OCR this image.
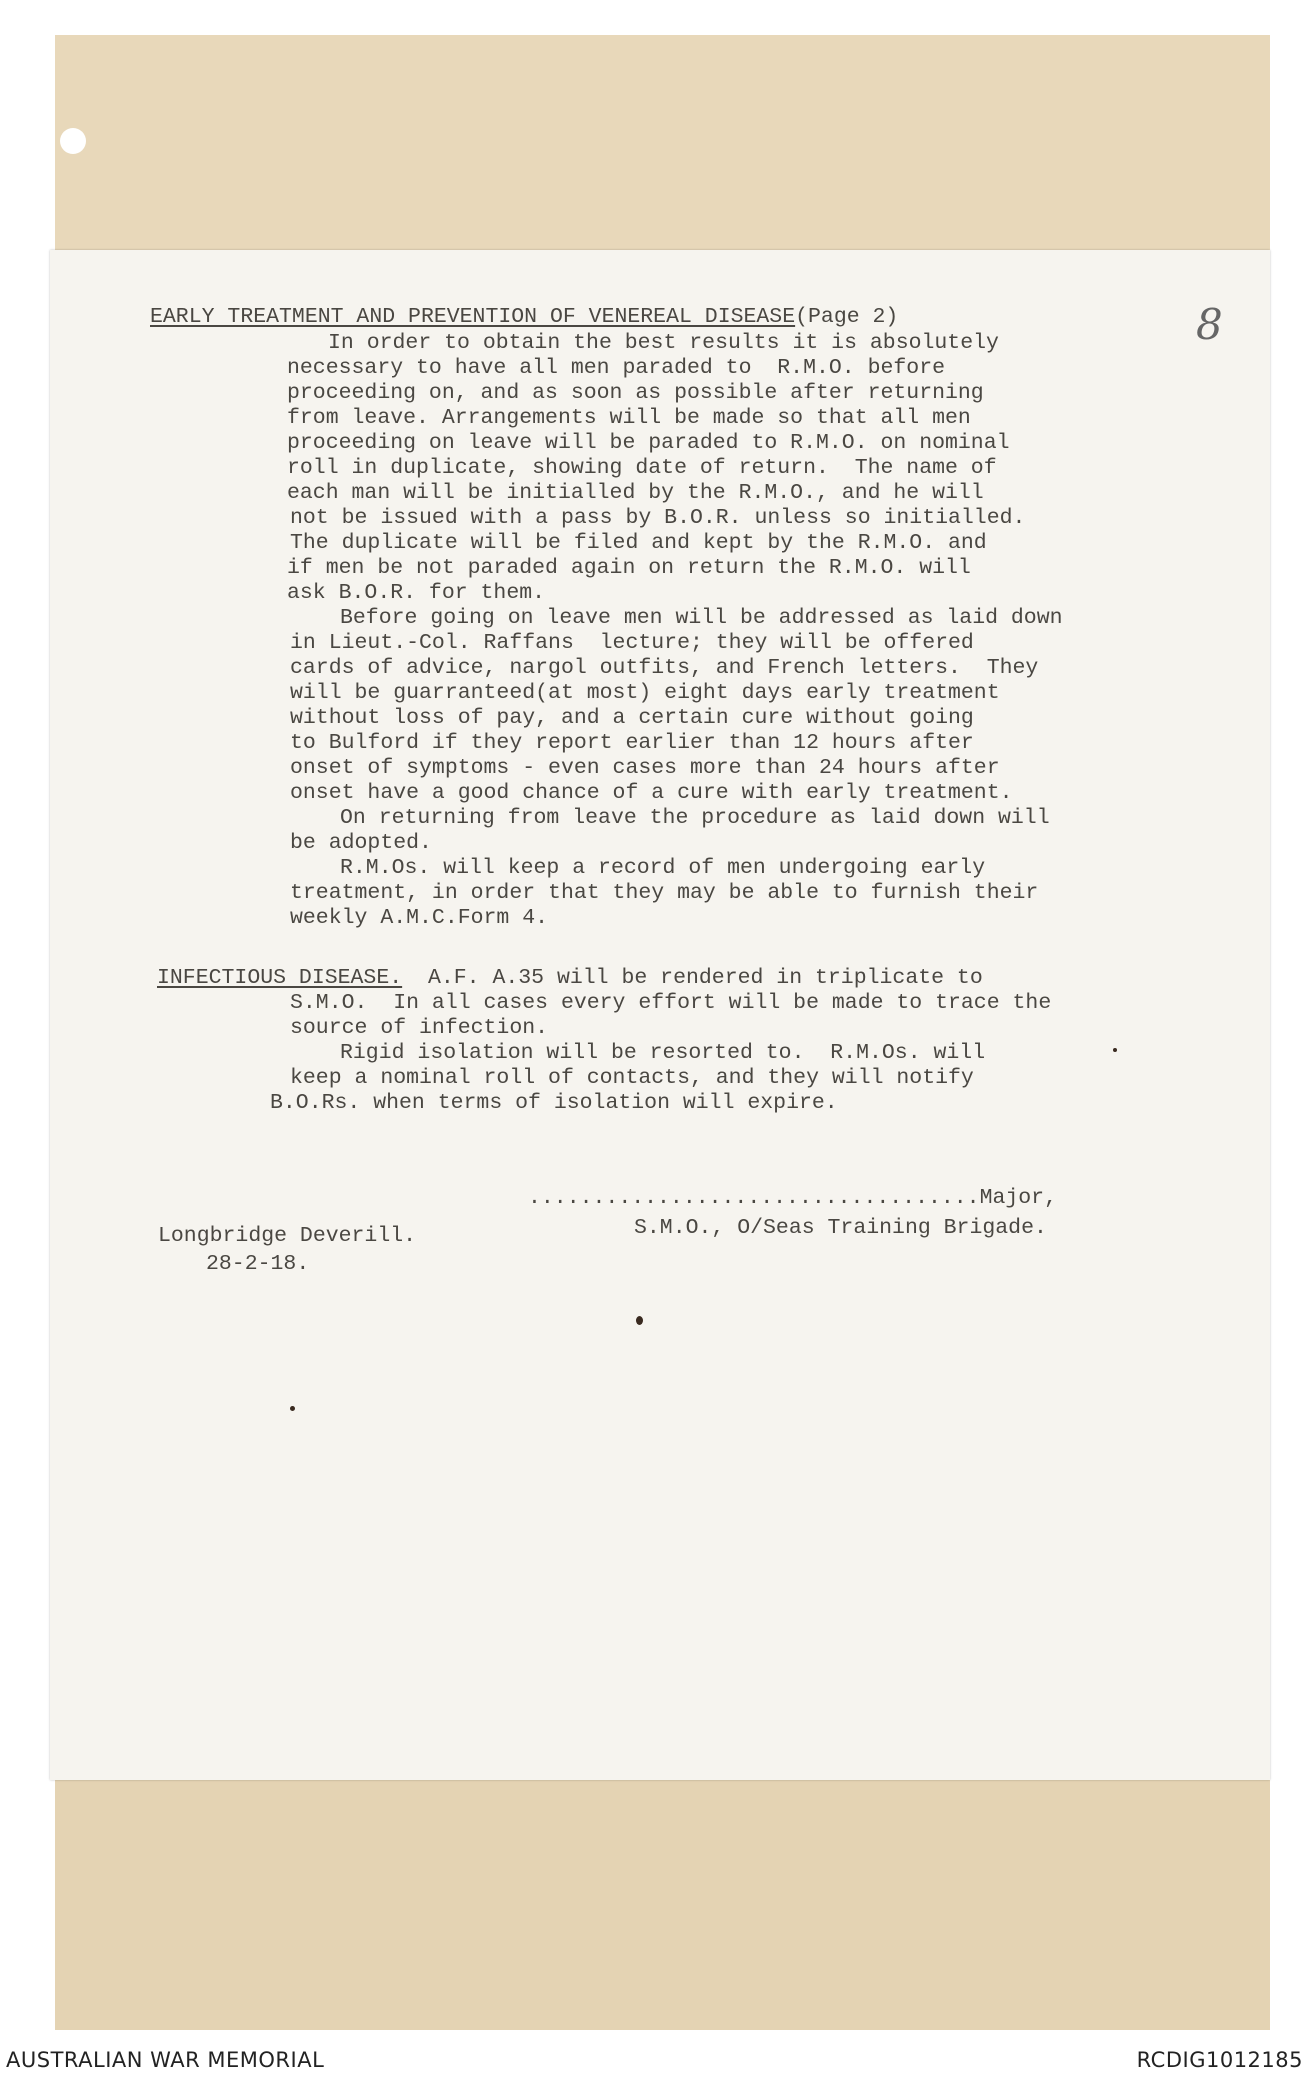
8
EARLY TREATMENT AND PREVENTION OF VENEREAL DISEASE(Page 2)
In order to obtain the best results it is absolutely
necessary to have all men paraded to  R.M.O. before
proceeding on, and as soon as possible after returning
from leave. Arrangements will be made so that all men
proceeding on leave will be paraded to R.M.O. on nominal
roll in duplicate, showing date of return.  The name of
each man will be initialled by the R.M.O., and he will
not be issued with a pass by B.O.R. unless so initialled.
The duplicate will be filed and kept by the R.M.O. and
if men be not paraded again on return the R.M.O. will
ask B.O.R. for them.
Before going on leave men will be addressed as laid down
in Lieut.-Col. Raffans  lecture; they will be offered
cards of advice, nargol outfits, and French letters.  They
will be guarranteed(at most) eight days early treatment
without loss of pay, and a certain cure without going
to Bulford if they report earlier than 12 hours after
onset of symptoms - even cases more than 24 hours after
onset have a good chance of a cure with early treatment.
On returning from leave the procedure as laid down will
be adopted.
R.M.Os. will keep a record of men undergoing early
treatment, in order that they may be able to furnish their
weekly A.M.C.Form 4.
INFECTIOUS DISEASE.  A.F. A.35 will be rendered in triplicate to
S.M.O.  In all cases every effort will be made to trace the
source of infection.
Rigid isolation will be resorted to.  R.M.Os. will
keep a nominal roll of contacts, and they will notify
B.O.Rs. when terms of isolation will expire.
...................................Major,
S.M.O., O/Seas Training Brigade.
Longbridge Deverill.
28-2-18.
AUSTRALIAN WAR MEMORIAL	RCDIG1012185
